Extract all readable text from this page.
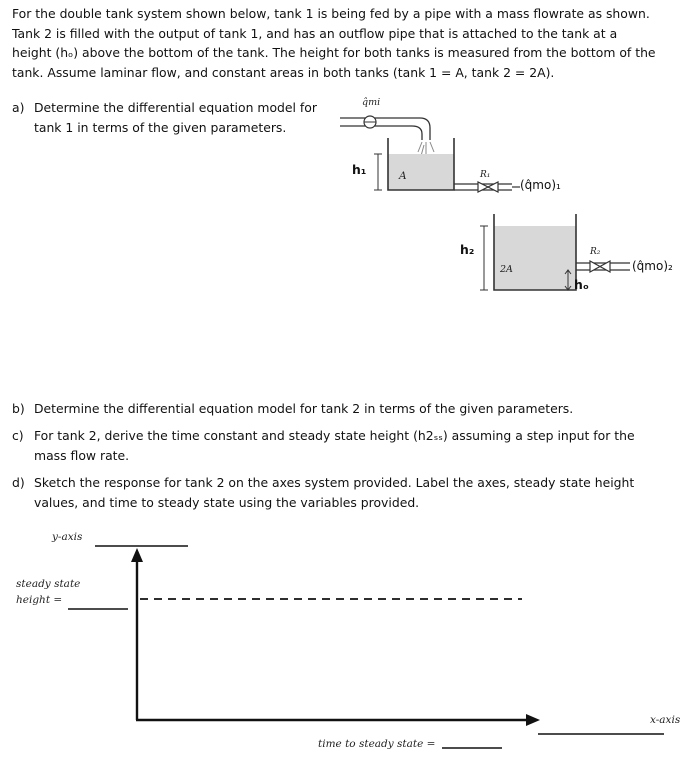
For the double tank system shown below, tank 1 is being fed by a pipe with a mass flowrate as shown.
Tank 2 is filled with the output of tank 1, and has an outflow pipe that is attached to the tank at a
height (hₒ) above the bottom of the tank. The height for both tanks is measured from the bottom of the
tank. Assume laminar flow, and constant areas in both tanks (tank 1 = A, tank 2 = 2A).
a) Determine the differential equation model for
tank 1 in terms of the given parameters.
q̂mi
h₁	A	R₁
(q̂mo)₁
h₂
2A
R₂
hₒ
(q̂mo)₂
b) Determine the differential equation model for tank 2 in terms of the given parameters.
c) For tank 2, derive the time constant and steady state height (h2ₛₛ) assuming a step input for the
mass flow rate.
d) Sketch the response for tank 2 on the axes system provided. Label the axes, steady state height
values, and time to steady state using the variables provided.
y-axis
steady state
height =
x-axis
time to steady state =
